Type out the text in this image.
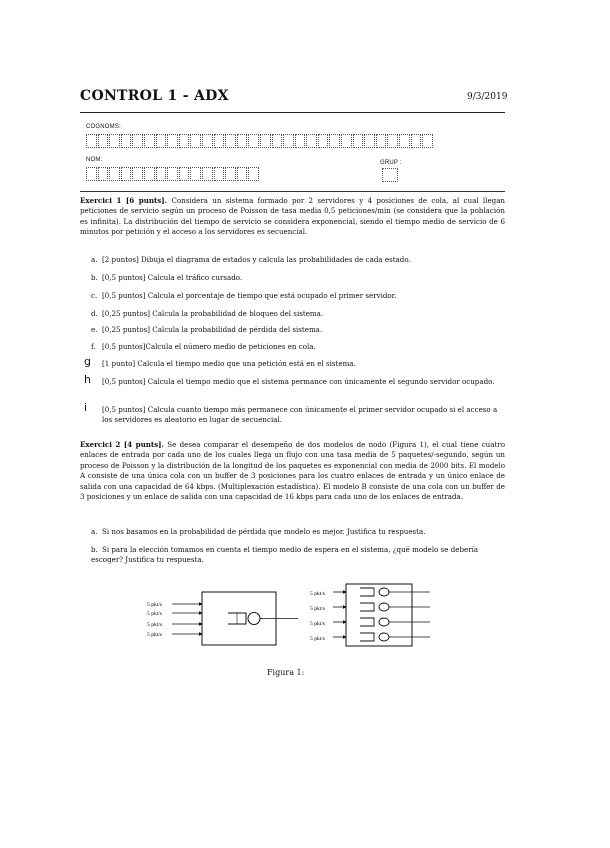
CONTROL 1 - ADX	9/3/2019
COGNOMS:
NOM:	GRUP :
Exercici 1 [6 punts]. Considera un sistema formado por 2 servidores y 4 posiciones de cola, al cual llegan peticiones de servicio según un proceso de Poisson de tasa media 0,5 peticiones/min (se considera que la población es infinita). La distribución del tiempo de servicio se considera exponencial, siendo el tiempo medio de servicio de 6 minutos por petición y el acceso a los servidores es secuencial.
a. [2 puntos] Dibuja el diagrama de estados y calcula las probabilidades de cada estado.
b. [0,5 puntos] Calcula el tráfico cursado.
c. [0,5 puntos] Calcula el porcentaje de tiempo que está ocupado el primer servidor.
d. [0,25 puntos] Calcula la probabilidad de bloqueo del sistema.
e. [0,25 puntos] Calcula la probabilidad de pérdida del sistema.
f. [0,5 puntos]Calcula el número medio de peticiones en cola.
g [1 punto] Calcula el tiempo medio que una petición está en el sistema.
h [0,5 puntos] Calcula el tiempo medio que el sistema permance con únicamente el segundo servidor ocupado.
i [0,5 puntos] Calcula cuanto tiempo más permanece con únicamente el primer servidor ocupado si el acceso a los servidores es aleatorio en lugar de secuencial.
Exercici 2 [4 punts]. Se desea comparar el desempeño de dos modelos de nodo (Figura 1), el cual tiene cuatro enlaces de entrada por cada uno de los cuales llega un flujo con una tasa media de 5 paquetes/-segundo, según un proceso de Poisson y la distribución de la longitud de los paquetes es exponencial con media de 2000 bits. El modelo A consiste de una única cola con un buffer de 3 posiciones para los cuatro enlaces de entrada y un único enlace de salida con una capacidad de 64 kbps. (Multiplexación estadística). El modelo B consiste de una cola con un buffer de 3 posiciones y un enlace de salida con una capacidad de 16 kbps para cada uno de los enlaces de entrada.
a. Si nos basamos en la probabilidad de pérdida que modelo es mejor. Justifica tu respuesta.
b. Si para la elección tomamos en cuenta el tiempo medio de espera en el sistema, ¿qué modelo se debería escoger? Justifica tu respuesta.
5 pkt/s
5 pkt/s
5 pkt/s
5 pkt/s
5 pkt/s
5 pkt/s
5 pkt/s
5 pkt/s
Figura 1:
